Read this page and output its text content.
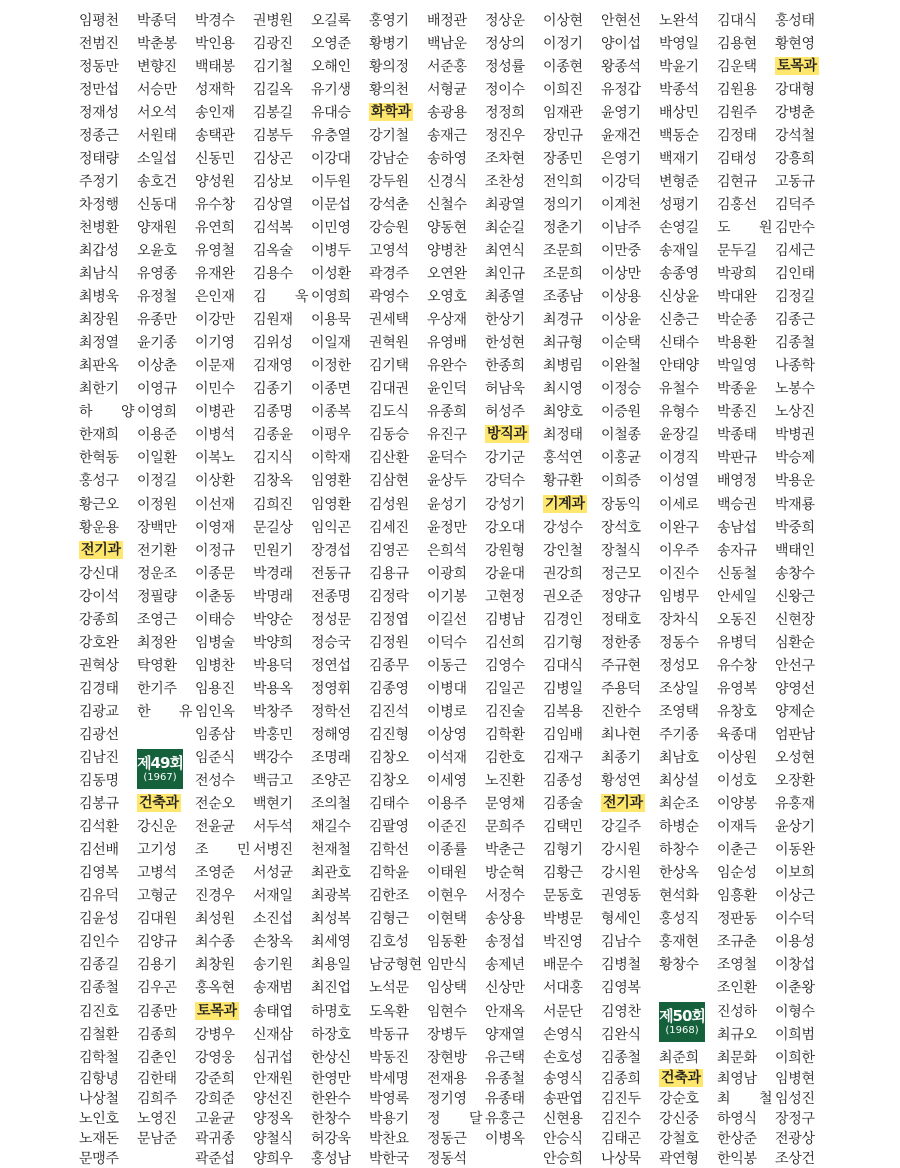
임평천
전범진
정동만
정만섭
정재성
정종근
정태량
주정기
차정행
천병환
최갑성
최남식
최병욱
최장원
최정열
최판옥
최한기
하 양
한재희
한혁동
홍성구
황근오
황운용
전기과
강신대
강이석
강종희
강호완
권혁상
김경태
김광교
김광선
김남진
김동명
김봉규
김석환
김선배
김영복
김유덕
김윤성
김인수
김종길
김종철
김진호
김철환
김학철
김항녕
나상철
노인호
노재돈
문맹주
박종덕
박춘봉
변향진
서승만
서오석
서원태
소일섭
송호건
신동대
양재원
오윤호
유영종
유정철
유종만
윤기종
이상춘
이영규
이영희
이용준
이일환
이정길
이정원
장백만
전기환
정운조
정필량
조영근
최정완
탁영환
한기주
한 유
제49회
(1967)
건축과
강신운
고기성
고병석
고형군
김대원
김양규
김용기
김우곤
김종만
김종희
김춘인
김한태
김희주
노영진
문남준
박경수
박인용
백태봉
성재학
송인재
송택관
신동민
양성원
유수창
유연희
유영철
유재완
은인재
이강만
이기영
이문재
이민수
이병관
이병석
이복노
이상환
이선재
이영재
이정규
이종문
이춘동
이태승
임병술
임병찬
임용진
임인옥
임종삼
임준식
전성수
전순오
전윤균
조 민
조영준
진경우
최성원
최수종
최창원
홍옥현
토목과
강병우
강영웅
강준희
강희준
고윤균
곽귀종
곽준섭
권병원
김광진
김기철
김길옥
김봉길
김봉두
김상곤
김상보
김상열
김석복
김옥술
김용수
김 욱
김원재
김위성
김재영
김종기
김종명
김종윤
김지식
김창옥
김희진
문길상
민원기
박경래
박명래
박양순
박양희
박용덕
박용옥
박창주
박홍민
백강수
백금고
백현기
서두석
서병진
서성균
서재일
소진섭
손창옥
송기원
송재범
송태엽
신재삼
심귀섭
안재원
양선진
양정옥
양철식
양희우
오길록
오영준
오해인
유기생
유대승
유충열
이강대
이두원
이문섭
이민영
이병두
이성환
이영희
이용묵
이일재
이정한
이종면
이종복
이평우
이학재
임영환
임영환
임익곤
장경섭
전동규
전종명
정성문
정승국
정연섭
정영휘
정학선
정해영
조명래
조양곤
조의철
채길수
천재철
최관호
최광복
최성복
최세영
최용일
최진업
하명호
하장호
한상신
한영만
한완수
한창수
허강욱
홍성남
홍영기
황병기
황의정
황의천
화학과
강기철
강남순
강두원
강석춘
강승원
고영석
곽경주
곽영수
권세택
권혁원
김기택
김대권
김도식
김동승
김산환
김삼현
김성원
김세진
김영곤
김용규
김정락
김정엽
김정원
김종무
김종영
김진석
김진형
김창오
김창오
김태수
김팔영
김학선
김학윤
김한조
김형근
김호성
남궁형현
노석문
도옥환
박동규
박동진
박세명
박영록
박용기
박찬요
박한국
배정관
백남운
서준홍
서형균
송광용
송재근
송하영
신경식
신철수
양동현
양병찬
오연완
오영호
우상재
유영배
유완수
윤인덕
유종희
유진구
윤덕수
윤상두
윤성기
윤정만
은희석
이광희
이기봉
이길선
이덕수
이동근
이병대
이병로
이상영
이석재
이세영
이용주
이준진
이종률
이태원
이현우
이현택
임동환
임만식
임상택
임현수
장병두
장현방
전재용
정기영
정 달
정동근
정동석
정상운
정상의
정성률
정이수
정정희
정진우
조차현
조찬성
최광열
최순길
최연식
최인규
최종열
한상기
한성현
한종희
허남욱
허성주
방직과
강기군
강덕수
강성기
강오대
강원형
강윤대
고현정
김병남
김선희
김영수
김일곤
김진술
김학환
김한호
노진환
문영채
문희주
박춘근
방순혁
서정수
송상용
송정섭
송제년
신상만
안재옥
양재열
유근택
유종철
유종태
유홍근
이병옥
이상현
이정기
이종현
이희진
임재관
장민규
장종민
전익희
정의기
정춘기
조문희
조문희
조종남
최경규
최규형
최병림
최시영
최양호
최정태
홍석연
황규환
기계과
강성수
강인철
권강희
권오준
김경인
김기형
김대식
김병일
김복용
김임배
김재구
김종성
김종술
김택민
김형기
김황근
문동호
박병문
박진영
배문수
서대홍
서문단
손영식
손호성
송영식
송판엽
신현용
안승식
안승희
안현선
양이섭
왕종석
유정갑
윤영기
윤재건
은영기
이강덕
이계천
이남주
이만중
이상만
이상용
이상윤
이순택
이완철
이정승
이증원
이철종
이홍균
이희증
장동익
장석호
장철식
정근모
정양규
정태호
정한종
주규현
주용덕
진한수
최나현
최종기
황성연
전기과
강길주
강시원
강시원
권영동
형세인
김남수
김병철
김영복
김영찬
김완식
김종철
김종희
김진두
김진수
김태곤
나상묵
노완석
박영일
박윤기
박종석
배상민
백동순
백재기
변형준
성평기
손영길
송재일
송종영
신상윤
신충근
신태수
안태양
유철수
유형수
윤장길
이경직
이성열
이세로
이완구
이우주
이진수
임병무
장차식
정동수
정성모
조상일
조영택
주기종
최남호
최상설
최순조
하병순
하창수
한상옥
현석화
홍성직
홍재현
황창수
제50회
(1968)
최준희
건축과
강순호
강신중
강철호
곽연형
김대식
김용현
김운택
김원용
김원주
김정태
김태성
김현규
김홍선
도 원
문두길
박광희
박대완
박순종
박용환
박일영
박종윤
박종진
박종태
박판규
배영정
백승권
송남섭
송자규
신동철
안세일
오동진
유병덕
유수창
유영복
유창호
육종대
이상원
이성호
이양봉
이재득
이춘근
임순성
임흥환
정판동
조규춘
조영철
조인환
진성하
최규오
최문화
최영남
최 철
하영식
한상준
한익봉
홍성태
황현영
토목과
강대형
강병춘
강석철
강흥희
고동규
김덕주
김만수
김세근
김인태
김정길
김종근
김종철
나종학
노봉수
노상진
박병권
박승제
박용운
박재룡
박중희
백태인
송창수
신왕근
신현장
심환순
안선구
양영선
양제순
엄판남
오성현
오장환
유홍재
윤상기
이동완
이보희
이상근
이수덕
이용성
이창섭
이춘왕
이형수
이희범
이희한
임병현
임성진
장정구
전광상
조상건
